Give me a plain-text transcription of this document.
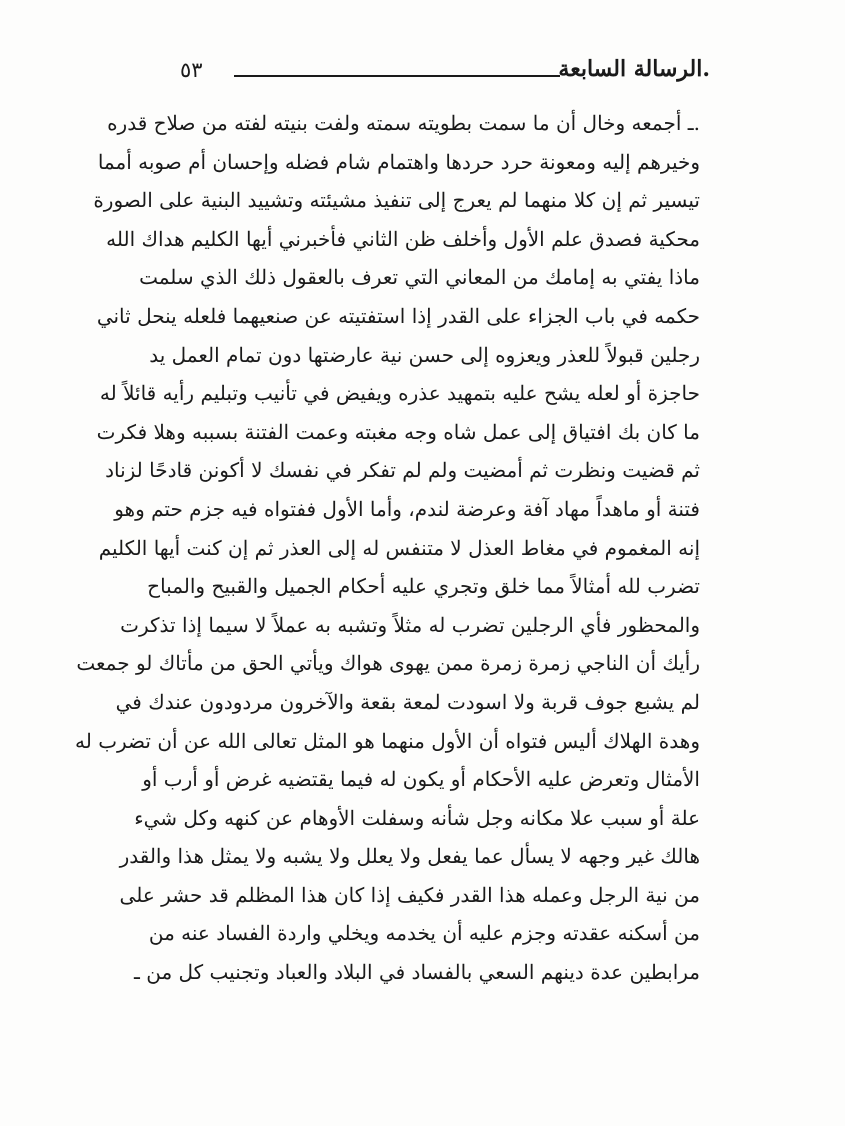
.الرسالة السابعة
٥٣
.ـ أجمعه وخال أن ما سمت بطويته سمته ولفت بنيته لفته من صلاح قدره
وخيرهم إليه ومعونة حرد حردها واهتمام شام فضله وإحسان أم صوبه أمما
تيسير ثم إن كلا منهما لم يعرج إلى تنفيذ مشيئته وتشييد البنية على الصورة
محكية فصدق علم الأول وأخلف ظن الثاني فأخبرني أيها الكليم هداك الله
ماذا يفتي به إمامك من المعاني التي تعرف بالعقول ذلك الذي سلمت
حكمه في باب الجزاء على القدر إذا استفتيته عن صنعيهما فلعله ينحل ثاني
رجلين قبولاً للعذر ويعزوه إلى حسن نية عارضتها دون تمام العمل يد
حاجزة أو لعله يشح عليه بتمهيد عذره ويفيض في تأنيب وتبليم رأيه قائلاً له
ما كان بك افتياق إلى عمل شاه وجه مغبته وعمت الفتنة بسببه وهلا فكرت
ثم قضيت ونظرت ثم أمضيت ولم لم تفكر في نفسك لا أكونن قادحًا لزناد
فتنة أو ماهداً مهاد آفة وعرضة لندم، وأما الأول ففتواه فيه جزم حتم وهو
إنه المغموم في مغاط العذل لا متنفس له إلى العذر ثم إن كنت أيها الكليم
تضرب لله أمثالاً مما خلق وتجري عليه أحكام الجميل والقبيح والمباح
والمحظور فأي الرجلين تضرب له مثلاً وتشبه به عملاً لا سيما إذا تذكرت
رأيك أن الناجي زمرة زمرة ممن يهوى هواك ويأتي الحق من مأتاك لو جمعت
لم يشبع جوف قربة ولا اسودت لمعة بقعة والآخرون مردودون عندك في
وهدة الهلاك أليس فتواه أن الأول منهما هو المثل تعالى الله عن أن تضرب له
الأمثال وتعرض عليه الأحكام أو يكون له فيما يقتضيه غرض أو أرب أو
علة أو سبب علا مكانه وجل شأنه وسفلت الأوهام عن كنهه وكل شيء
هالك غير وجهه لا يسأل عما يفعل ولا يعلل ولا يشبه ولا يمثل هذا والقدر
من نية الرجل وعمله هذا القدر فكيف إذا كان هذا المظلم قد حشر على
من أسكنه عقدته وجزم عليه أن يخدمه ويخلي واردة الفساد عنه من
مرابطين عدة دينهم السعي بالفساد في البلاد والعباد وتجنيب كل من ـ
